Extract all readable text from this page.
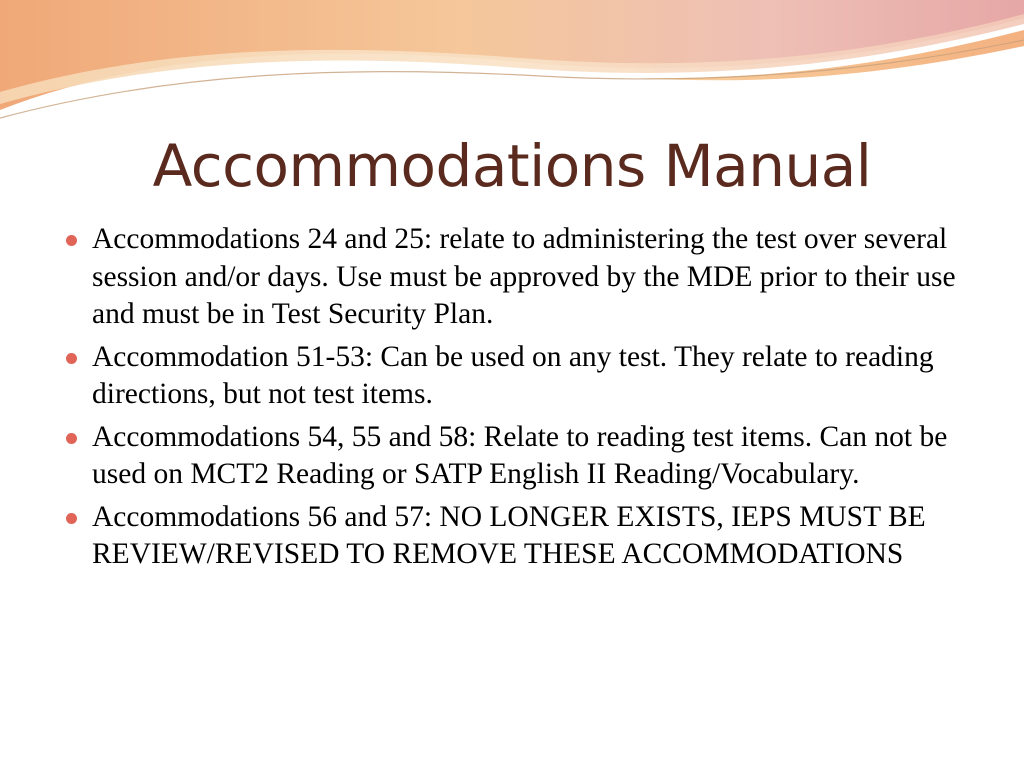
Accommodations Manual
Accommodations 24 and 25: relate to administering the test over several session and/or days. Use must be approved by the MDE prior to their use and must be in Test Security Plan.
Accommodation 51-53: Can be used on any test. They relate to reading directions, but not test items.
Accommodations 54, 55 and 58: Relate to reading test items. Can not be used on MCT2 Reading or SATP English II Reading/Vocabulary.
Accommodations 56 and 57: NO LONGER EXISTS, IEPS MUST BE REVIEW/REVISED TO REMOVE THESE ACCOMMODATIONS
